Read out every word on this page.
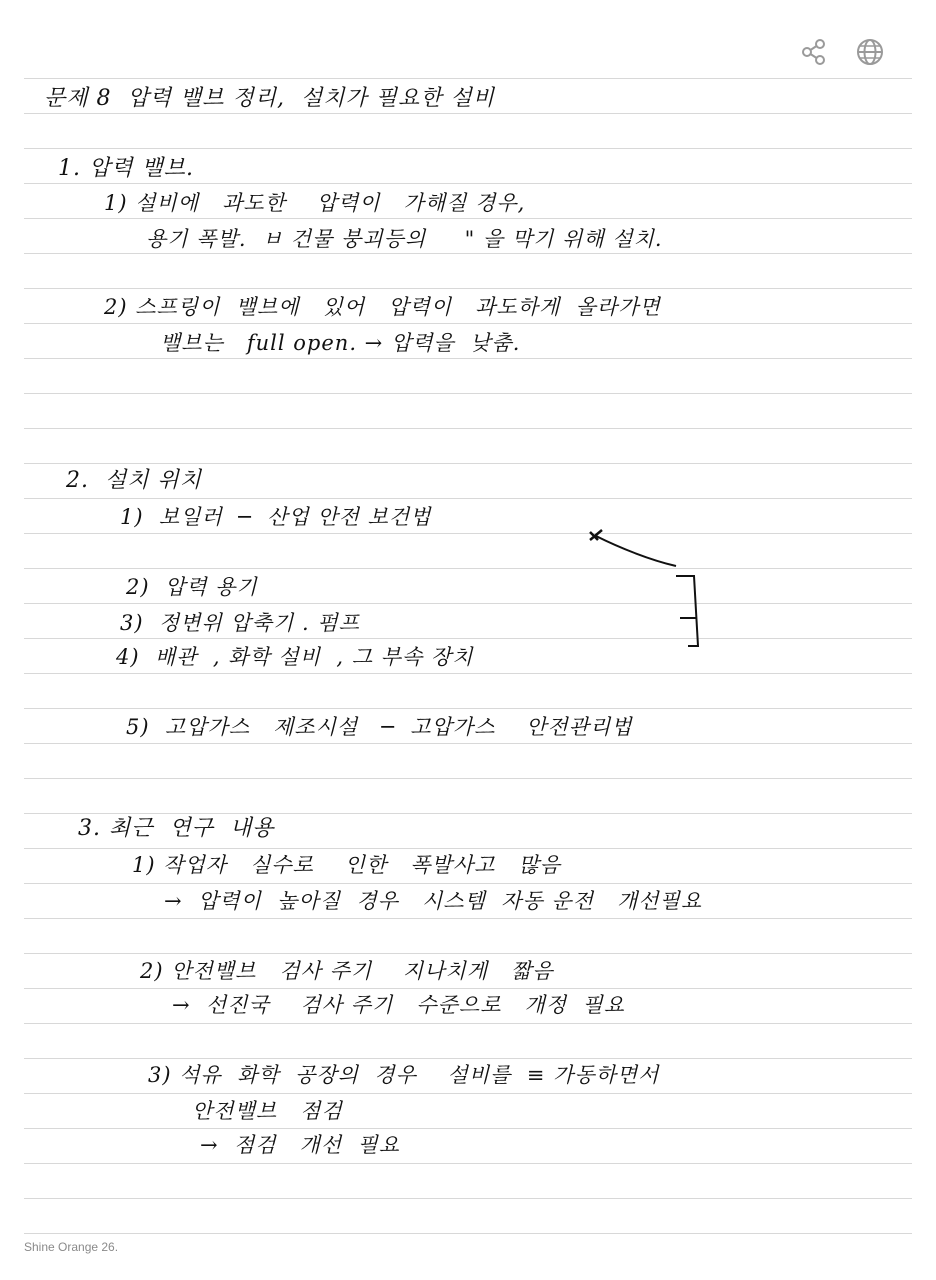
문제 8  압력 밸브 정리,  설치가 필요한 설비
1. 압력 밸브.
1) 설비에   과도한    압력이   가해질 경우,
용기 폭발.  ㅂ 건물 붕괴등의     " 을 막기 위해 설치.
2) 스프링이  밸브에   있어   압력이   과도하게  올라가면
밸브는   full open. → 압력을  낮춤.
2.  설치 위치
1)  보일러  ─  산업 안전 보건법
2)  압력 용기
3)  정변위 압축기 . 펌프
4)  배관  , 화학 설비  , 그 부속 장치
5)  고압가스   제조시설   ─  고압가스    안전관리법
3. 최근  연구  내용
1) 작업자   실수로    인한   폭발사고   많음
→  압력이  높아질  경우   시스템  자동 운전   개선필요
2) 안전밸브   검사 주기    지나치게   짧음
→  선진국    검사 주기   수준으로   개정  필요
3) 석유  화학  공장의  경우    설비를  ≡ 가동하면서
안전밸브   점검
→  점검   개선  필요
Shine Orange 26.
